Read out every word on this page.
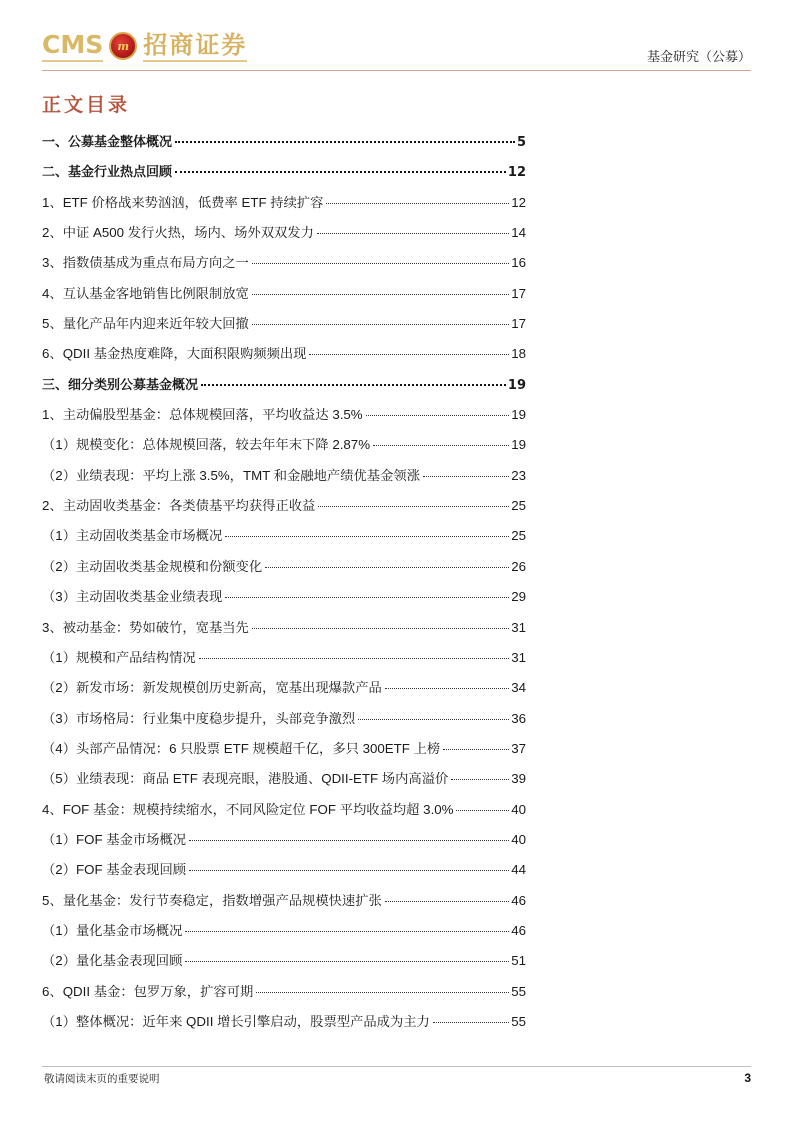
CMS	m 招商证券	基金研究（公募）
正文目录
一、公募基金整体概况	5
二、基金行业热点回顾	12
1、ETF 价格战来势汹汹，低费率 ETF 持续扩容	12
2、中证 A500 发行火热，场内、场外双双发力	14
3、指数债基成为重点布局方向之一	16
4、互认基金客地销售比例限制放宽	17
5、量化产品年内迎来近年较大回撤	17
6、QDII 基金热度难降，大面积限购频频出现	18
三、细分类别公募基金概况	19
1、主动偏股型基金：总体规模回落，平均收益达 3.5%	19
（1）规模变化：总体规模回落，较去年年末下降 2.87%	19
（2）业绩表现：平均上涨 3.5%，TMT 和金融地产绩优基金领涨	23
2、主动固收类基金：各类债基平均获得正收益	25
（1）主动固收类基金市场概况	25
（2）主动固收类基金规模和份额变化	26
（3）主动固收类基金业绩表现	29
3、被动基金：势如破竹，宽基当先	31
（1）规模和产品结构情况	31
（2）新发市场：新发规模创历史新高，宽基出现爆款产品	34
（3）市场格局：行业集中度稳步提升，头部竞争激烈	36
（4）头部产品情况：6 只股票 ETF 规模超千亿，多只 300ETF 上榜	37
（5）业绩表现：商品 ETF 表现亮眼，港股通、QDII-ETF 场内高溢价	39
4、FOF 基金：规模持续缩水，不同风险定位 FOF 平均收益均超 3.0%	40
（1）FOF 基金市场概况	40
（2）FOF 基金表现回顾	44
5、量化基金：发行节奏稳定，指数增强产品规模快速扩张	46
（1）量化基金市场概况	46
（2）量化基金表现回顾	51
6、QDII 基金：包罗万象，扩容可期	55
（1）整体概况：近年来 QDII 增长引擎启动，股票型产品成为主力	55
敬请阅读末页的重要说明	3
